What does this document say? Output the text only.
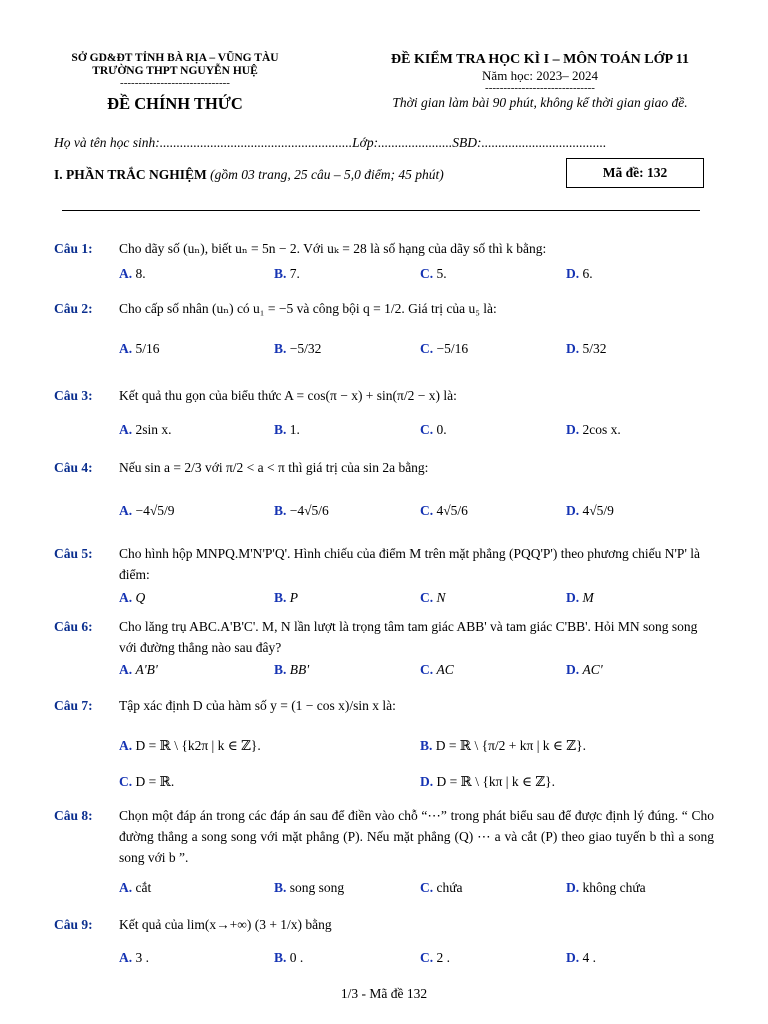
SỞ GD&ĐT TỈNH BÀ RỊA – VŨNG TÀU
TRƯỜNG THPT NGUYỄN HUỆ
------------------------------
ĐỀ CHÍNH THỨC
ĐỀ KIỂM TRA HỌC KÌ I – MÔN TOÁN LỚP 11
Năm học: 2023– 2024
------------------------------
Thời gian làm bài 90 phút, không kể thời gian giao đề.
Họ và tên học sinh:.........................................................Lớp:......................SBD:.....................................
I. PHẦN TRẮC NGHIỆM (gồm 03 trang, 25 câu – 5,0 điểm; 45 phút)	Mã đề: 132
Câu 1: Cho dãy số (uₙ), biết uₙ = 5n − 2. Với uₖ = 28 là số hạng của dãy số thì k bằng:
A. 8.	B. 7.	C. 5.	D. 6.
Câu 2: Cho cấp số nhân (uₙ) có u₁ = −5 và công bội q = 1/2. Giá trị của u₅ là:
A. 5/16	B. −5/32	C. −5/16	D. 5/32
Câu 3: Kết quả thu gọn của biểu thức A = cos(π − x) + sin(π/2 − x) là:
A. 2sin x.	B. 1.	C. 0.	D. 2cos x.
Câu 4: Nếu sin a = 2/3 với π/2 < a < π thì giá trị của sin 2a bằng:
A. −4√5/9	B. −4√5/6	C. 4√5/6	D. 4√5/9
Câu 5: Cho hình hộp MNPQ.M'N'P'Q'. Hình chiếu của điểm M trên mặt phẳng (PQQ'P') theo phương chiếu N'P' là điểm:
A. Q	B. P	C. N	D. M
Câu 6: Cho lăng trụ ABC.A'B'C'. M, N lần lượt là trọng tâm tam giác ABB' và tam giác C'BB'. Hỏi MN song song với đường thẳng nào sau đây?
A. A'B'	B. BB'	C. AC	D. AC'
Câu 7: Tập xác định D của hàm số y = (1 − cos x)/sin x là:
A. D = ℝ \ {k2π | k ∈ ℤ}.	B. D = ℝ \ {π/2 + kπ | k ∈ ℤ}.
C. D = ℝ.	D. D = ℝ \ {kπ | k ∈ ℤ}.
Câu 8: Chọn một đáp án trong các đáp án sau để điền vào chỗ “⋯” trong phát biểu sau để được định lý đúng. “ Cho đường thẳng a song song với mặt phẳng (P). Nếu mặt phẳng (Q) ⋯ a và cắt (P) theo giao tuyến b thì a song song với b ”.
A. cắt	B. song song	C. chứa	D. không chứa
Câu 9: Kết quả của lim(x→+∞) (3 + 1/x) bằng
A. 3 .	B. 0 .	C. 2 .	D. 4 .
1/3 - Mã đề 132
